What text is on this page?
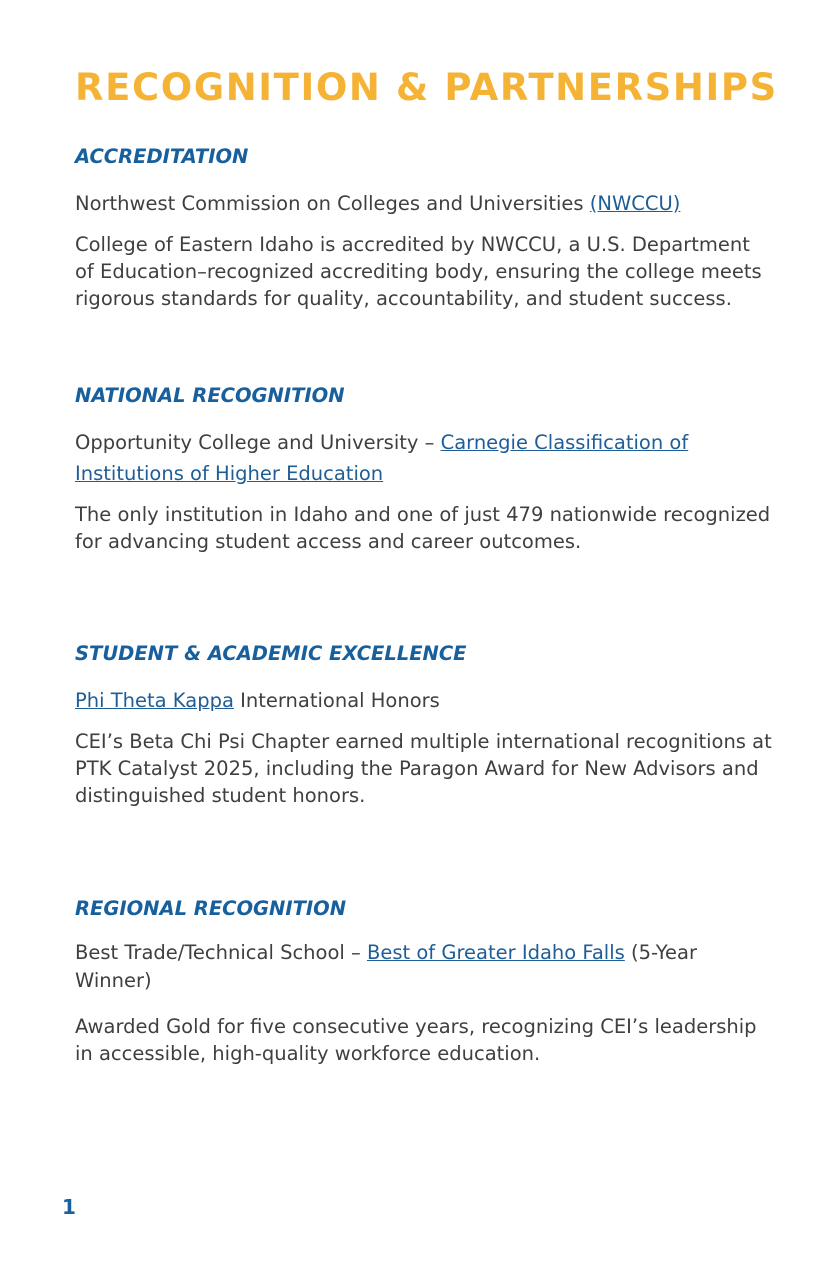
RECOGNITION & PARTNERSHIPS
ACCREDITATION

Northwest Commission on Colleges and Universities (NWCCU)

College of Eastern Idaho is accredited by NWCCU, a U.S. Department

of Education–recognized accrediting body, ensuring the college meets

rigorous standards for quality, accountability, and student success.

NATIONAL RECOGNITION

Opportunity College and University – Carnegie Classification of

Institutions of Higher Education

The only institution in Idaho and one of just 479 nationwide recognized

for advancing student access and career outcomes.

STUDENT & ACADEMIC EXCELLENCE

Phi Theta Kappa International Honors

CEI’s Beta Chi Psi Chapter earned multiple international recognitions at

PTK Catalyst 2025, including the Paragon Award for New Advisors and

distinguished student honors.

REGIONAL RECOGNITION

Best Trade/Technical School – Best of Greater Idaho Falls (5-Year

Winner)

Awarded Gold for five consecutive years, recognizing CEI’s leadership

in accessible, high-quality workforce education.

1
